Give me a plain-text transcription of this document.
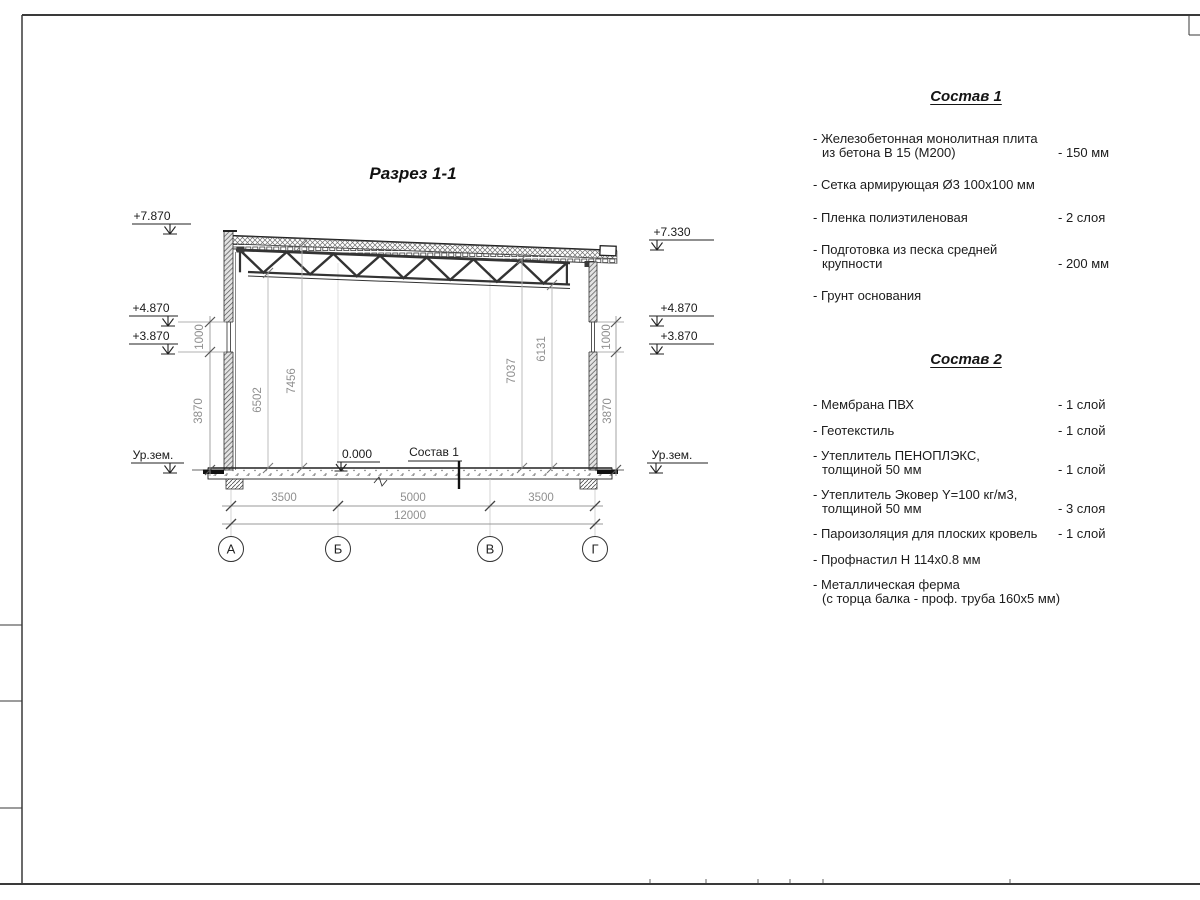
Разрез 1-1
6502
7456	7037
6131
1000
3870
1000
3870
3500	5000	3500
12000
А	Б	В	Г
+7.870
+4.870
+3.870
Ур.зем.
+7.330
+4.870
+3.870
Ур.зем.
0.000	Состав 1
Состав 1
- Железобетонная монолитная плита
из бетона В 15 (М200)	- 150 мм
- Сетка армирующая Ø3 100x100 мм
- Пленка полиэтиленовая	- 2 слоя
- Подготовка из песка средней
крупности	- 200 мм
- Грунт основания
Состав 2
- Мембрана ПВХ	- 1 слой
- Геотекстиль	- 1 слой
- Утеплитель ПЕНОПЛЭКС,
толщиной 50 мм	- 1 слой
- Утеплитель Эковер Y=100 кг/м3,
толщиной 50 мм	- 3 слоя
- Пароизоляция для плоских кровель	- 1 слой
- Профнастил Н 114x0.8 мм
- Металлическая ферма
(с торца балка - проф. труба 160x5 мм)
